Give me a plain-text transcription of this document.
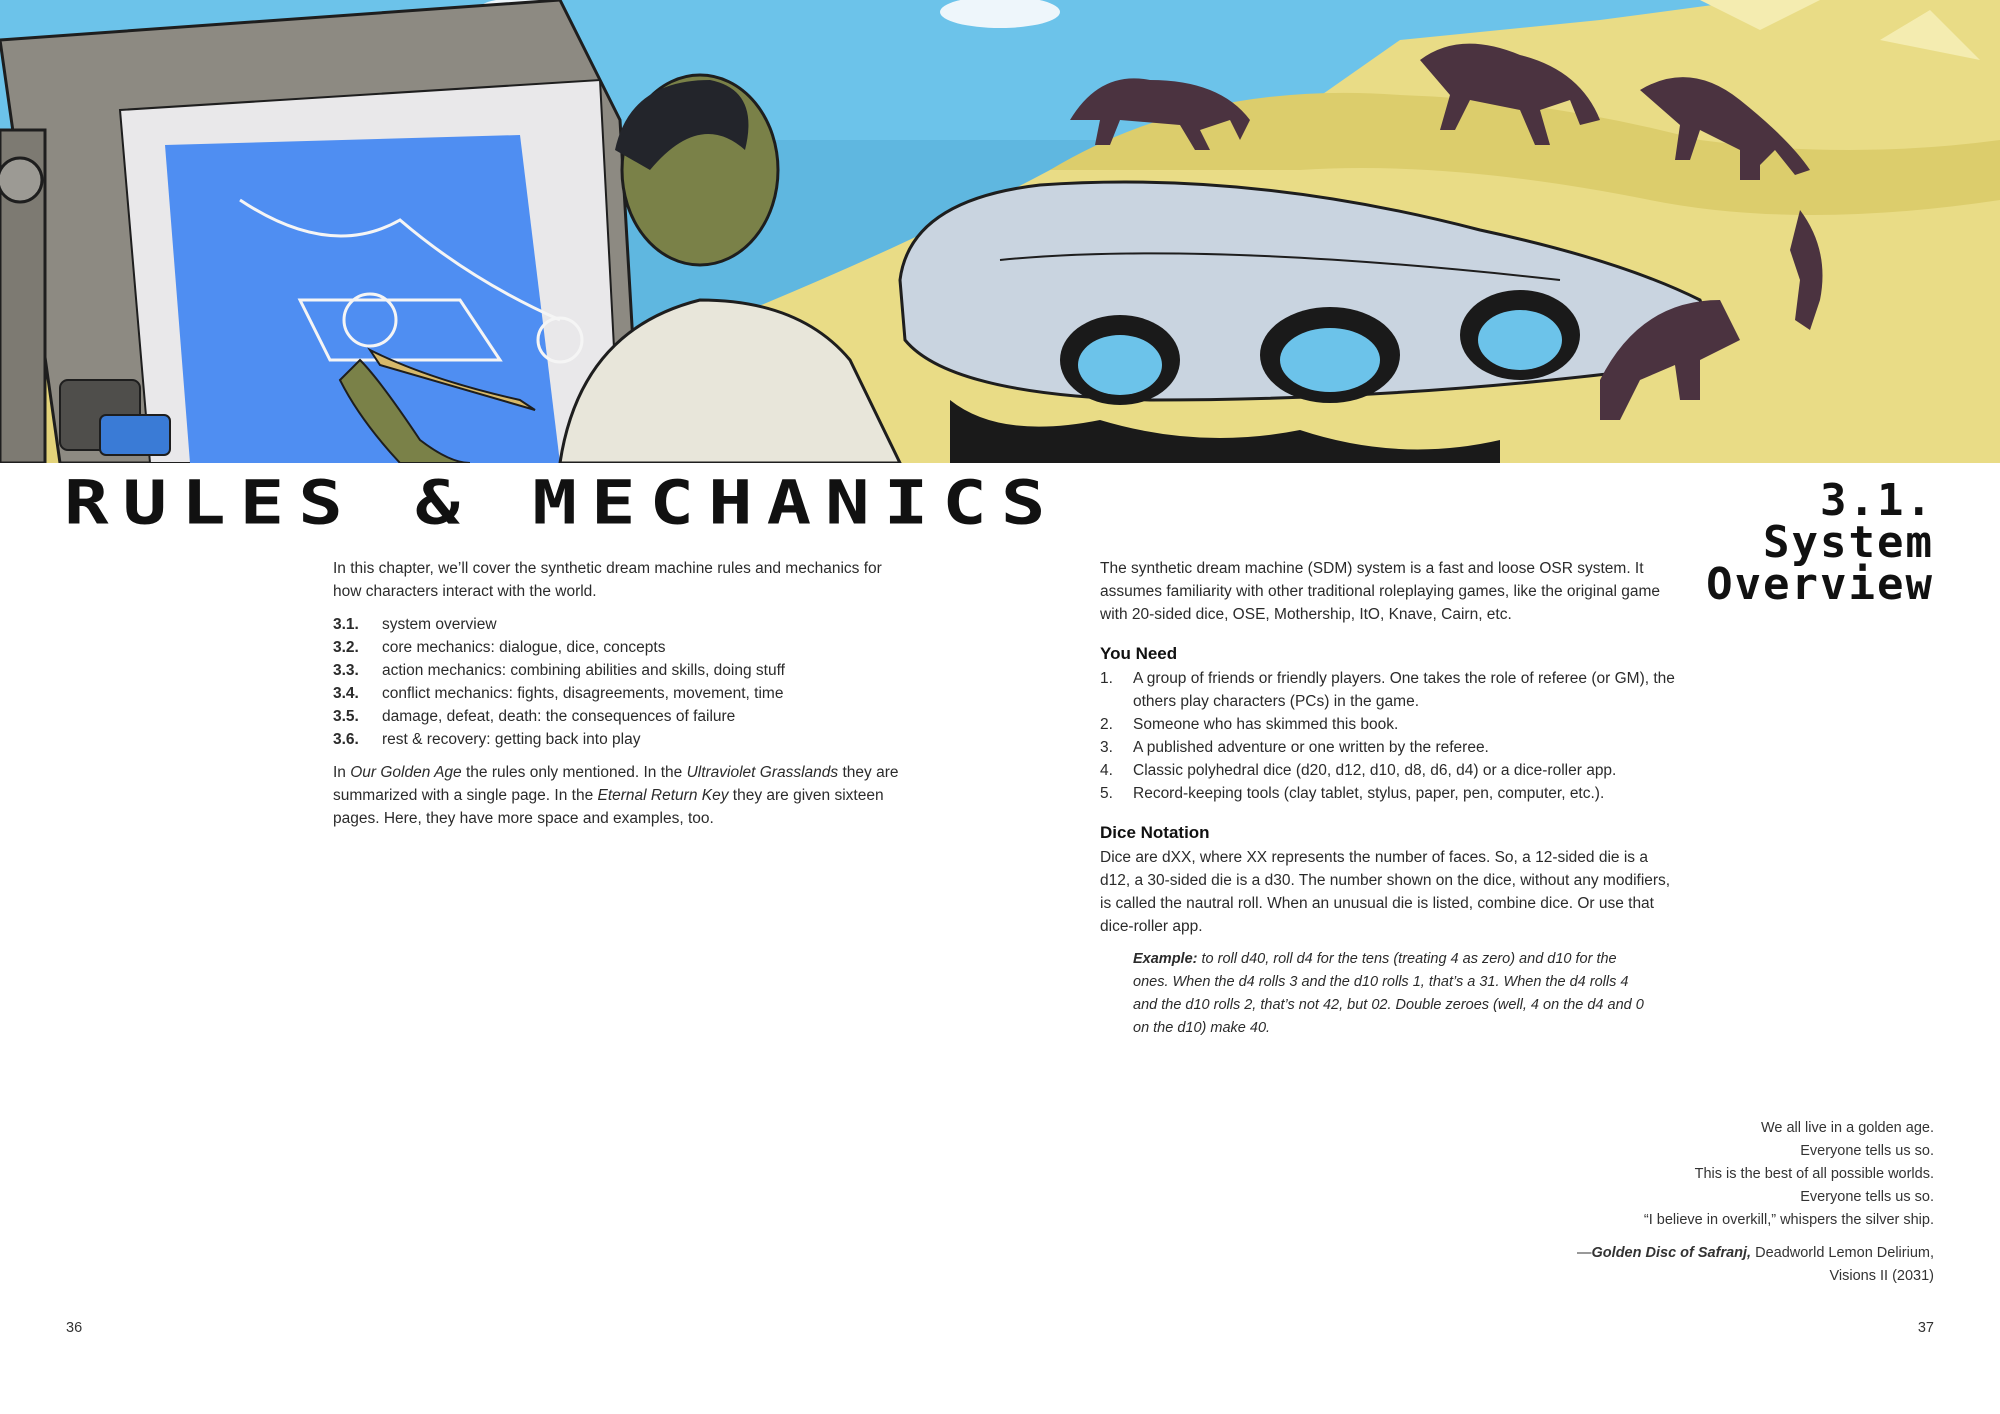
RULES & MECHANICS

In this chapter, we’ll cover the synthetic dream machine rules and mechanics for how characters interact with the world.

3.1.	system overview
3.2.	core mechanics: dialogue, dice, concepts
3.3.	action mechanics: combining abilities and skills, doing stuff
3.4.	conflict mechanics: fights, disagreements, movement, time
3.5.	damage, defeat, death: the consequences of failure
3.6.	rest & recovery: getting back into play

In Our Golden Age the rules only mentioned. In the Ultraviolet Grasslands they are summarized with a single page. In the Eternal Return Key they are given sixteen pages. Here, they have more space and examples, too.

36
3.1.
System
Overview

The synthetic dream machine (SDM) system is a fast and loose OSR system. It assumes familiarity with other traditional roleplaying games, like the original game with 20-sided dice, OSE, Mothership, ItO, Knave, Cairn, etc.

You Need
1.	A group of friends or friendly players. One takes the role of referee (or GM), the others play characters (PCs) in the game.
2.	Someone who has skimmed this book.
3.	A published adventure or one written by the referee.
4.	Classic polyhedral dice (d20, d12, d10, d8, d6, d4) or a dice-roller app.
5.	Record-keeping tools (clay tablet, stylus, paper, pen, computer, etc.).
Dice Notation

Dice are dXX, where XX represents the number of faces. So, a 12-sided die is a d12, a 30-sided die is a d30. The number shown on the dice, without any modifiers, is called the nautral roll. When an unusual die is listed, combine dice. Or use that dice-roller app.

Example: to roll d40, roll d4 for the tens (treating 4 as zero) and d10 for the ones. When the d4 rolls 3 and the d10 rolls 1, that’s a 31. When the d4 rolls 4 and the d10 rolls 2, that’s not 42, but 02. Double zeroes (well, 4 on the d4 and 0 on the d10) make 40.
We all live in a golden age.
Everyone tells us so.
This is the best of all possible worlds.
Everyone tells us so.
“I believe in overkill,” whispers the silver ship.
—Golden Disc of Safranj, Deadworld Lemon Delirium,
Visions II (2031)
37
